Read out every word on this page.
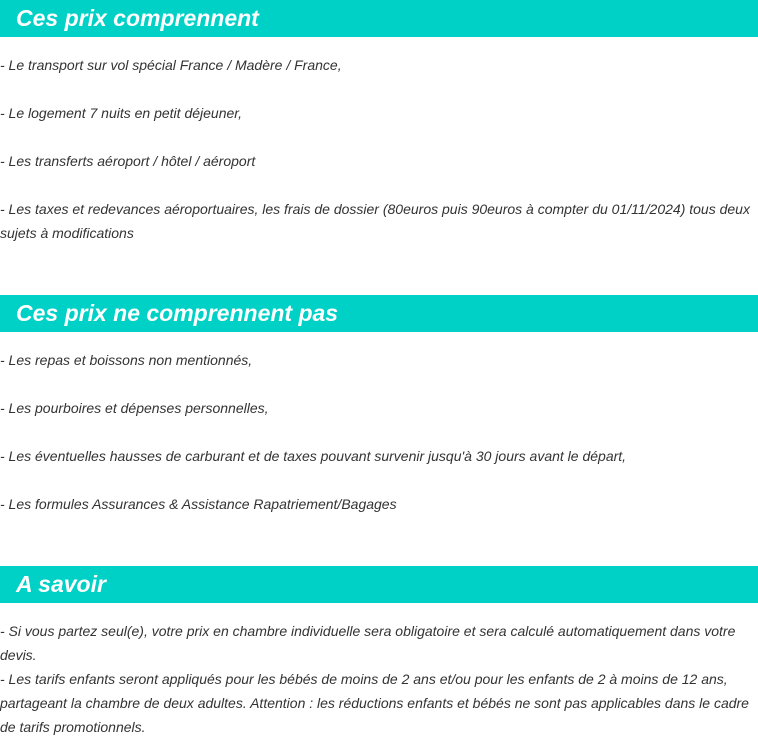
Ces prix comprennent

- Le transport sur vol spécial France / Madère / France,

- Le logement 7 nuits en petit déjeuner,

- Les transferts aéroport / hôtel / aéroport

- Les taxes et redevances aéroportuaires, les frais de dossier (80euros puis 90euros à compter du 01/11/2024) tous deux sujets à modifications

Ces prix ne comprennent pas

- Les repas et boissons non mentionnés,

- Les pourboires et dépenses personnelles,

- Les éventuelles hausses de carburant et de taxes pouvant survenir jusqu'à 30 jours avant le départ,

- Les formules Assurances & Assistance Rapatriement/Bagages

A savoir

- Si vous partez seul(e), votre prix en chambre individuelle sera obligatoire et sera calculé automatiquement dans votre devis.

- Les tarifs enfants seront appliqués pour les bébés de moins de 2 ans et/ou pour les enfants de 2 à moins de 12 ans, partageant la chambre de deux adultes. Attention : les réductions enfants et bébés ne sont pas applicables dans le cadre de tarifs promotionnels.
